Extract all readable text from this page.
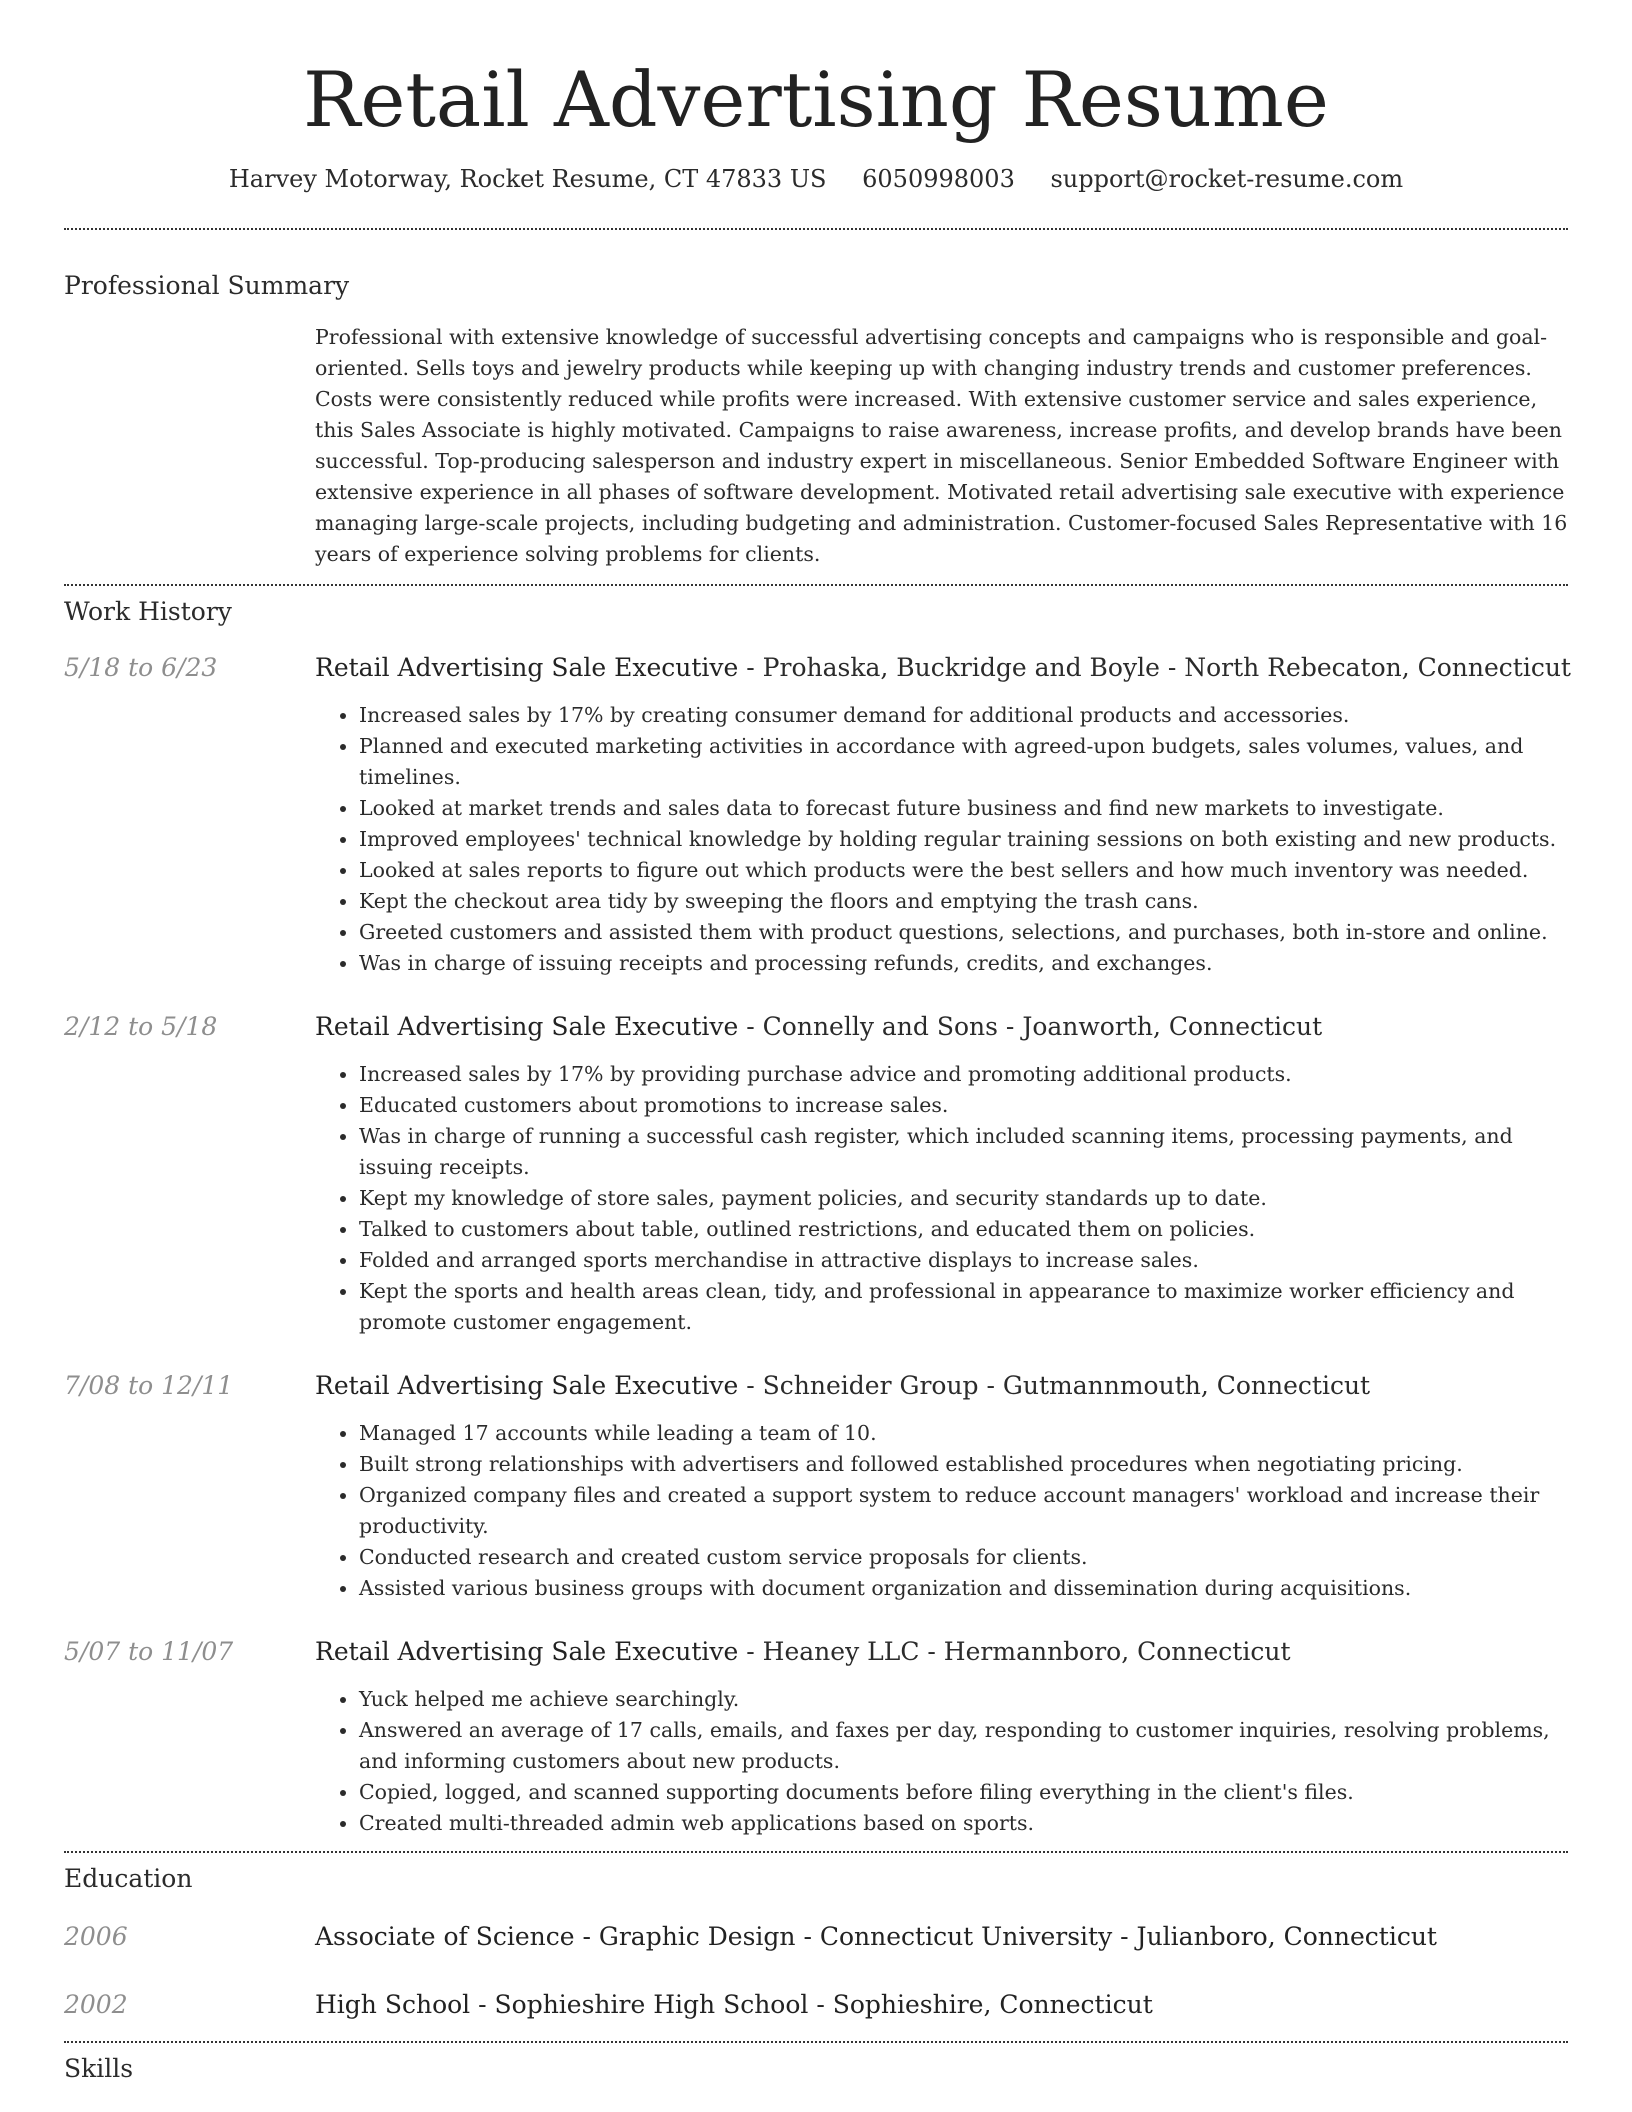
Retail Advertising Resume
Harvey Motorway, Rocket Resume, CT 47833 US 6050998003 support@rocket-resume.com
Professional Summary
Professional with extensive knowledge of successful advertising concepts and campaigns who is responsible and goal-oriented. Sells toys and jewelry products while keeping up with changing industry trends and customer preferences. Costs were consistently reduced while profits were increased. With extensive customer service and sales experience, this Sales Associate is highly motivated. Campaigns to raise awareness, increase profits, and develop brands have been successful. Top-producing salesperson and industry expert in miscellaneous. Senior Embedded Software Engineer with extensive experience in all phases of software development. Motivated retail advertising sale executive with experience managing large-scale projects, including budgeting and administration. Customer-focused Sales Representative with 16 years of experience solving problems for clients.
Work History
5/18 to 6/23	Retail Advertising Sale Executive - Prohaska, Buckridge and Boyle - North Rebecaton, Connecticut
• Increased sales by 17% by creating consumer demand for additional products and accessories.
• Planned and executed marketing activities in accordance with agreed-upon budgets, sales volumes, values, and timelines.
• Looked at market trends and sales data to forecast future business and find new markets to investigate.
• Improved employees' technical knowledge by holding regular training sessions on both existing and new products.
• Looked at sales reports to figure out which products were the best sellers and how much inventory was needed.
• Kept the checkout area tidy by sweeping the floors and emptying the trash cans.
• Greeted customers and assisted them with product questions, selections, and purchases, both in-store and online.
• Was in charge of issuing receipts and processing refunds, credits, and exchanges.
2/12 to 5/18	Retail Advertising Sale Executive - Connelly and Sons - Joanworth, Connecticut
• Increased sales by 17% by providing purchase advice and promoting additional products.
• Educated customers about promotions to increase sales.
• Was in charge of running a successful cash register, which included scanning items, processing payments, and issuing receipts.
• Kept my knowledge of store sales, payment policies, and security standards up to date.
• Talked to customers about table, outlined restrictions, and educated them on policies.
• Folded and arranged sports merchandise in attractive displays to increase sales.
• Kept the sports and health areas clean, tidy, and professional in appearance to maximize worker efficiency and promote customer engagement.
7/08 to 12/11	Retail Advertising Sale Executive - Schneider Group - Gutmannmouth, Connecticut
• Managed 17 accounts while leading a team of 10.
• Built strong relationships with advertisers and followed established procedures when negotiating pricing.
• Organized company files and created a support system to reduce account managers' workload and increase their productivity.
• Conducted research and created custom service proposals for clients.
• Assisted various business groups with document organization and dissemination during acquisitions.
5/07 to 11/07	Retail Advertising Sale Executive - Heaney LLC - Hermannboro, Connecticut
• Yuck helped me achieve searchingly.
• Answered an average of 17 calls, emails, and faxes per day, responding to customer inquiries, resolving problems, and informing customers about new products.
• Copied, logged, and scanned supporting documents before filing everything in the client's files.
• Created multi-threaded admin web applications based on sports.
Education
2006	Associate of Science - Graphic Design - Connecticut University - Julianboro, Connecticut
2002	High School - Sophieshire High School - Sophieshire, Connecticut
Skills
